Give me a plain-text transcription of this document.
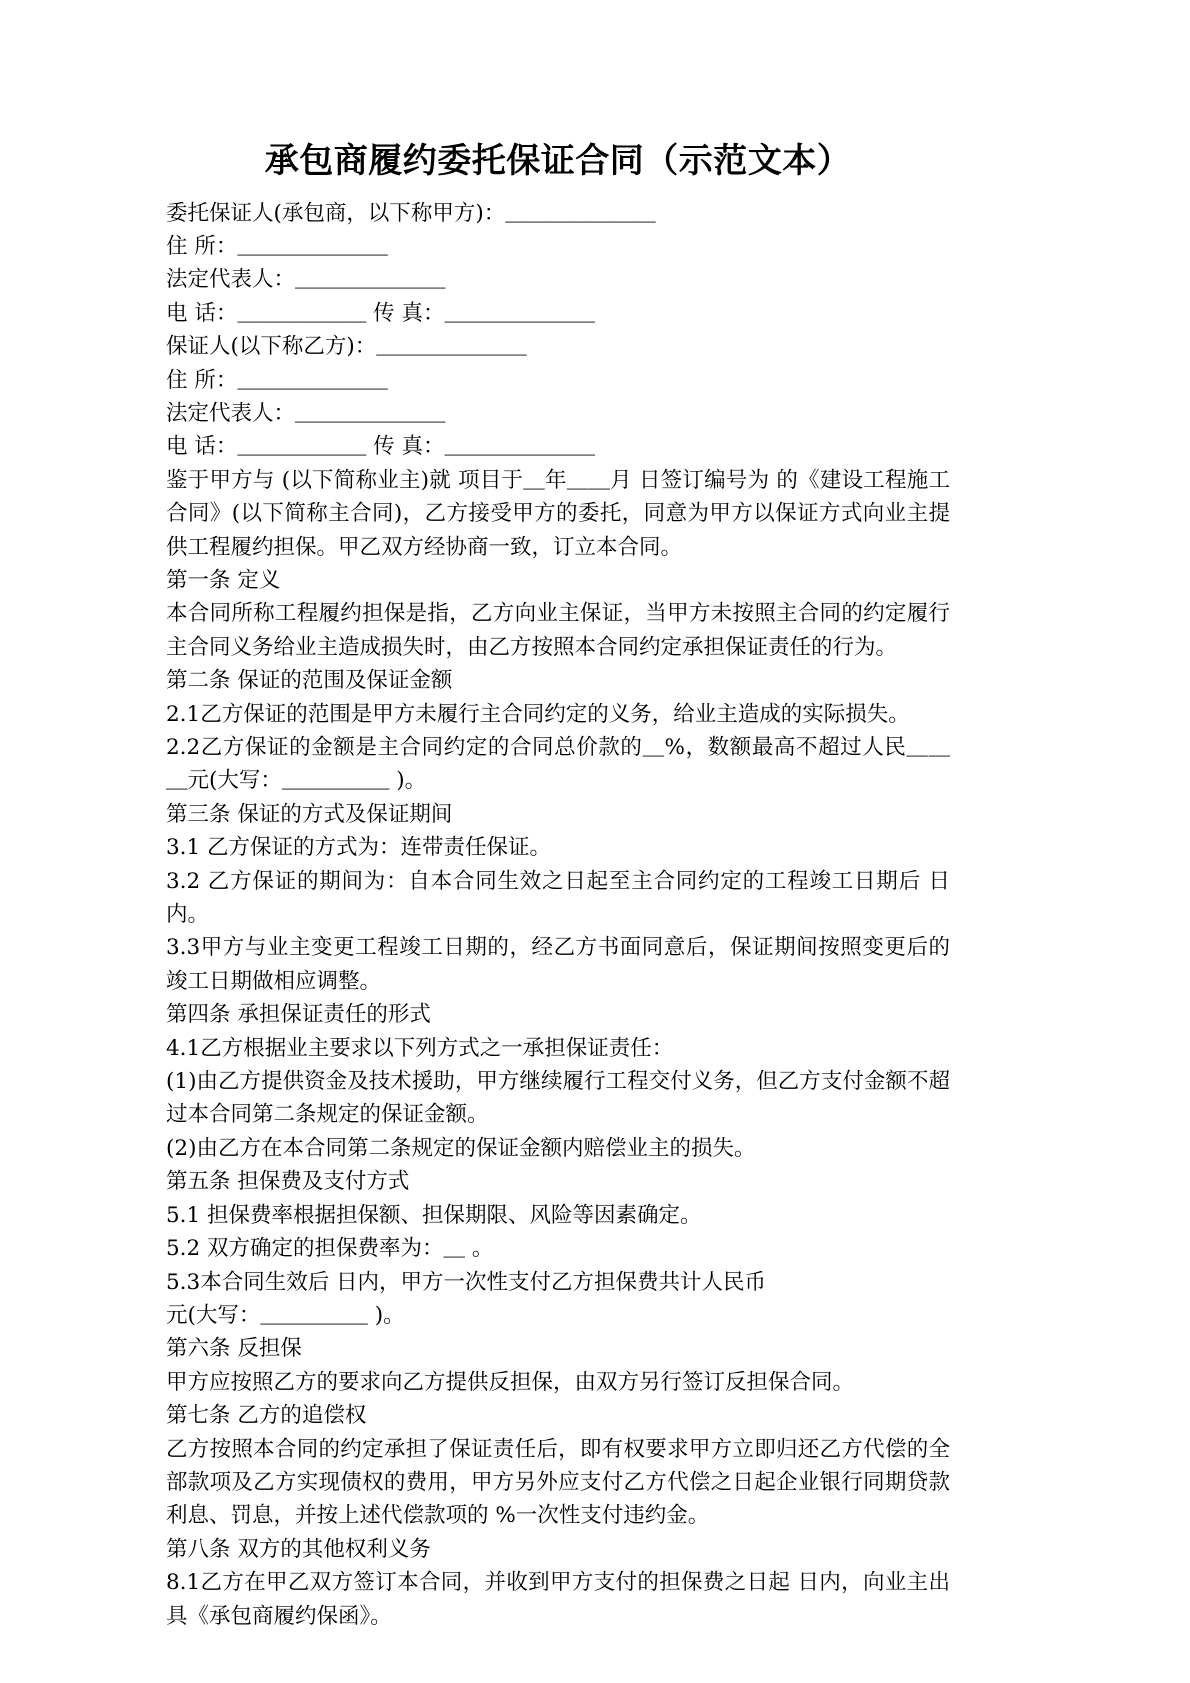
承包商履约委托保证合同（示范文本）
委托保证人(承包商，以下称甲方)：＿＿＿＿＿＿＿
住 所：＿＿＿＿＿＿＿
法定代表人：＿＿＿＿＿＿＿
电 话：＿＿＿＿＿＿ 传 真：＿＿＿＿＿＿＿
保证人(以下称乙方)：＿＿＿＿＿＿＿
住 所：＿＿＿＿＿＿＿
法定代表人：＿＿＿＿＿＿＿
电 话：＿＿＿＿＿＿ 传 真：＿＿＿＿＿＿＿

鉴于甲方与 (以下简称业主)就 项目于＿年＿＿月 日签订编号为 的《建设工程施工合同》(以下简称主合同)，乙方接受甲方的委托，同意为甲方以保证方式向业主提供工程履约担保。甲乙双方经协商一致，订立本合同。

第一条 定义

本合同所称工程履约担保是指，乙方向业主保证，当甲方未按照主合同的约定履行主合同义务给业主造成损失时，由乙方按照本合同约定承担保证责任的行为。

第二条 保证的范围及保证金额

2.1乙方保证的范围是甲方未履行主合同约定的义务，给业主造成的实际损失。

2.2乙方保证的金额是主合同约定的合同总价款的＿%，数额最高不超过人民＿＿＿元(大写：＿＿＿＿＿ )。

第三条 保证的方式及保证期间

3.1 乙方保证的方式为：连带责任保证。

3.2 乙方保证的期间为：自本合同生效之日起至主合同约定的工程竣工日期后 日内。

3.3甲方与业主变更工程竣工日期的，经乙方书面同意后，保证期间按照变更后的竣工日期做相应调整。

第四条 承担保证责任的形式

4.1乙方根据业主要求以下列方式之一承担保证责任：

(1)由乙方提供资金及技术援助，甲方继续履行工程交付义务，但乙方支付金额不超过本合同第二条规定的保证金额。

(2)由乙方在本合同第二条规定的保证金额内赔偿业主的损失。

第五条 担保费及支付方式

5.1 担保费率根据担保额、担保期限、风险等因素确定。

5.2 双方确定的担保费率为：＿ 。

5.3本合同生效后 日内，甲方一次性支付乙方担保费共计人民币

元(大写：＿＿＿＿＿ )。

第六条 反担保

甲方应按照乙方的要求向乙方提供反担保，由双方另行签订反担保合同。

第七条 乙方的追偿权

乙方按照本合同的约定承担了保证责任后，即有权要求甲方立即归还乙方代偿的全部款项及乙方实现债权的费用，甲方另外应支付乙方代偿之日起企业银行同期贷款利息、罚息，并按上述代偿款项的 %一次性支付违约金。

第八条 双方的其他权利义务

8.1乙方在甲乙双方签订本合同，并收到甲方支付的担保费之日起 日内，向业主出具《承包商履约保函》。
